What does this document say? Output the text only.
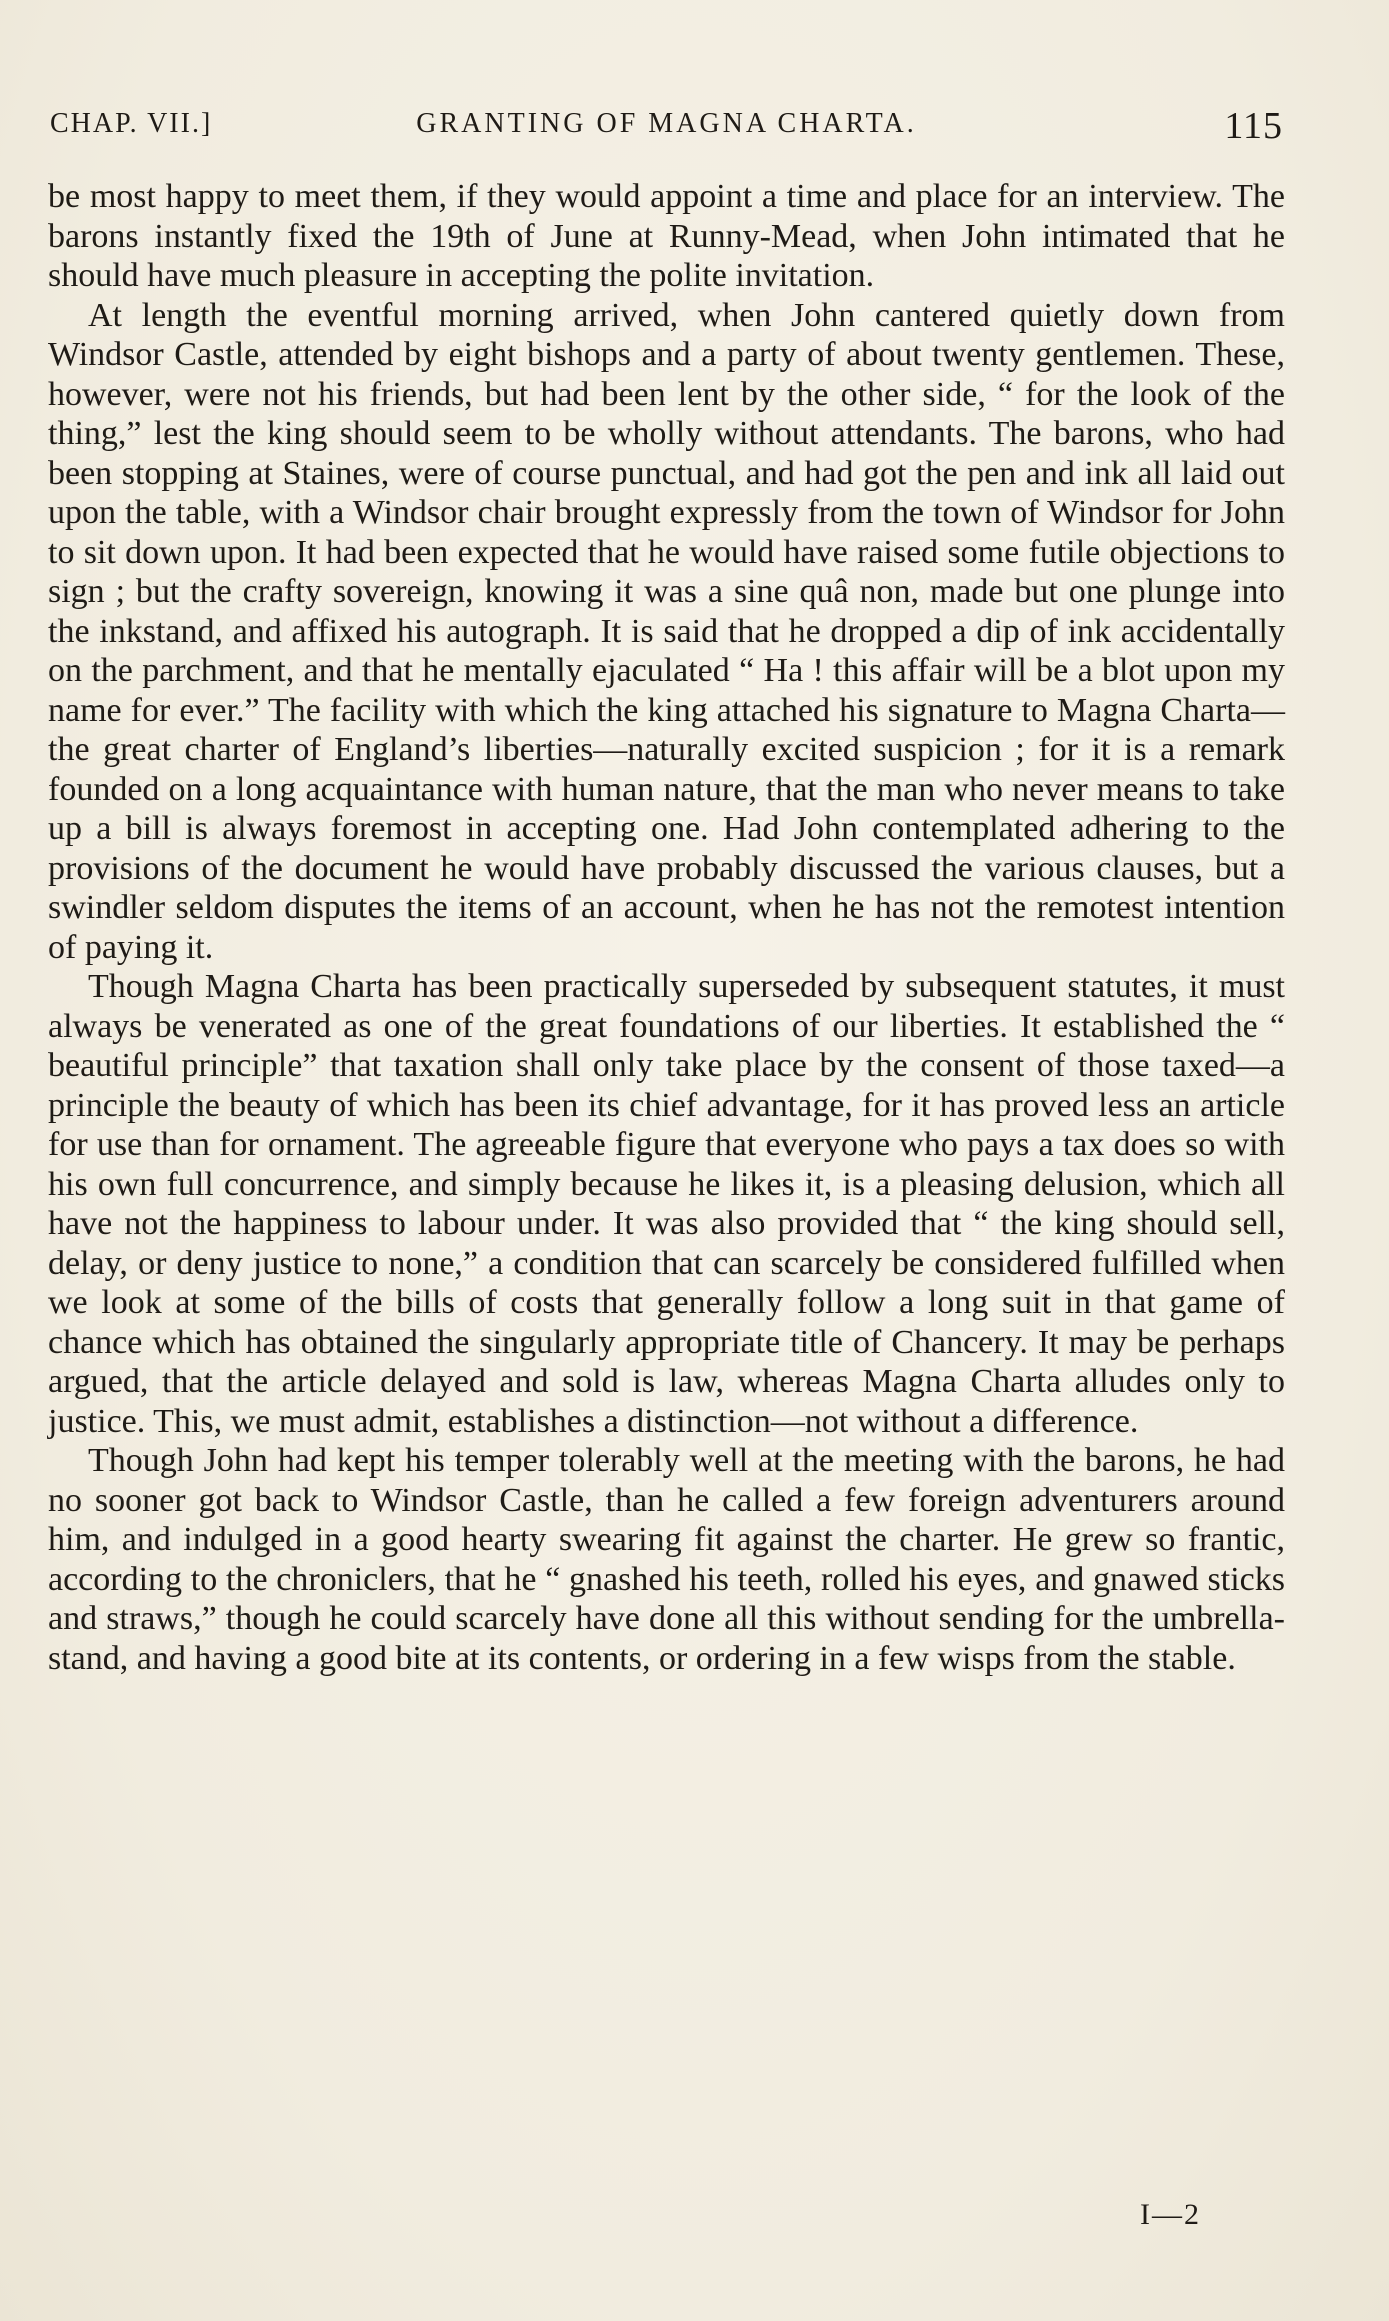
CHAP. VII.]	GRANTING OF MAGNA CHARTA.	115

be most happy to meet them, if they would appoint a time and place for an interview. The barons instantly fixed the 19th of June at Runny-Mead, when John intimated that he should have much pleasure in accepting the polite invitation.

At length the eventful morning arrived, when John cantered quietly down from Windsor Castle, attended by eight bishops and a party of about twenty gentlemen. These, however, were not his friends, but had been lent by the other side, “ for the look of the thing,” lest the king should seem to be wholly without attendants. The barons, who had been stopping at Staines, were of course punctual, and had got the pen and ink all laid out upon the table, with a Windsor chair brought expressly from the town of Windsor for John to sit down upon. It had been expected that he would have raised some futile objections to sign ; but the crafty sovereign, knowing it was a sine quâ non, made but one plunge into the inkstand, and affixed his autograph. It is said that he dropped a dip of ink accidentally on the parchment, and that he mentally ejaculated “ Ha ! this affair will be a blot upon my name for ever.” The facility with which the king attached his signature to Magna Charta—the great charter of England’s liberties—naturally excited suspicion ; for it is a remark founded on a long acquaintance with human nature, that the man who never means to take up a bill is always foremost in accepting one. Had John contemplated adhering to the provisions of the document he would have probably discussed the various clauses, but a swindler seldom disputes the items of an account, when he has not the remotest intention of paying it.

Though Magna Charta has been practically superseded by subsequent statutes, it must always be venerated as one of the great foundations of our liberties. It established the “ beautiful principle” that taxation shall only take place by the consent of those taxed—a principle the beauty of which has been its chief advantage, for it has proved less an article for use than for ornament. The agreeable figure that everyone who pays a tax does so with his own full concurrence, and simply because he likes it, is a pleasing delusion, which all have not the happiness to labour under. It was also provided that “ the king should sell, delay, or deny justice to none,” a condition that can scarcely be considered fulfilled when we look at some of the bills of costs that generally follow a long suit in that game of chance which has obtained the singularly appropriate title of Chancery. It may be perhaps argued, that the article delayed and sold is law, whereas Magna Charta alludes only to justice. This, we must admit, establishes a distinction—not without a difference.

Though John had kept his temper tolerably well at the meeting with the barons, he had no sooner got back to Windsor Castle, than he called a few foreign adventurers around him, and indulged in a good hearty swearing fit against the charter. He grew so frantic, according to the chroniclers, that he “ gnashed his teeth, rolled his eyes, and gnawed sticks and straws,” though he could scarcely have done all this without sending for the umbrella-stand, and having a good bite at its contents, or ordering in a few wisps from the stable.

I—2
